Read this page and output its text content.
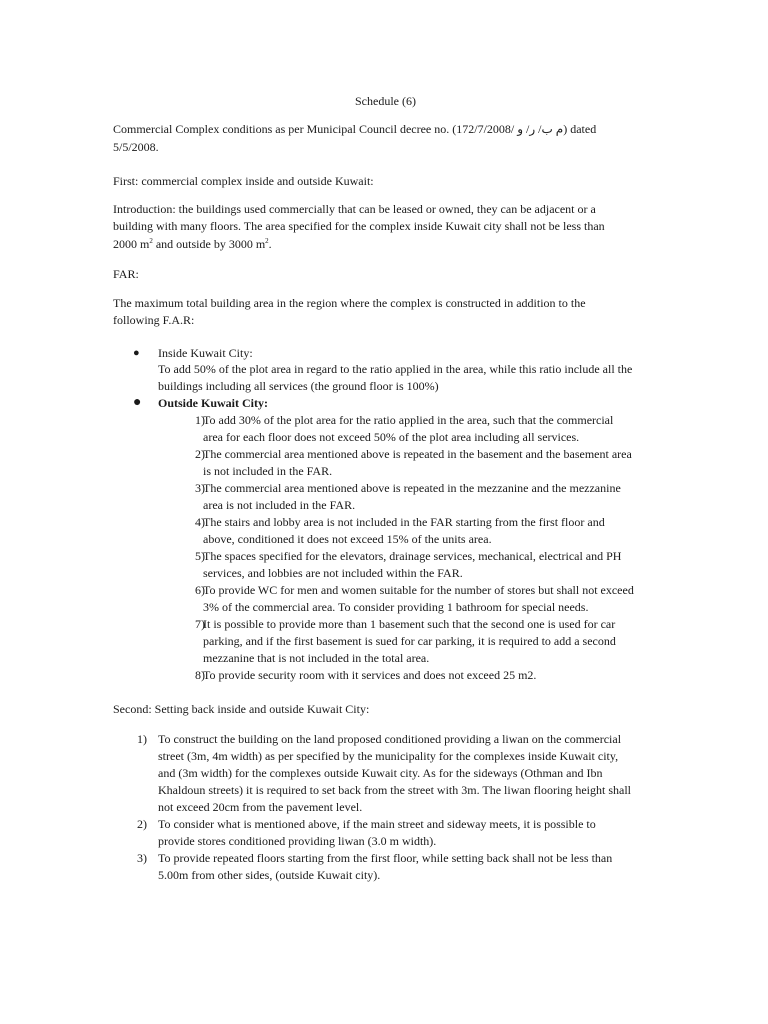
Schedule (6)
Commercial Complex conditions as per Municipal Council decree no. (172/7/2008/ م ب/ ر/ و) dated
5/5/2008.
First: commercial complex inside and outside Kuwait:
Introduction: the buildings used commercially that can be leased or owned, they can be adjacent or a
building with many floors. The area specified for the complex inside Kuwait city shall not be less than
2000 $m^2$ and outside by 3000 $m^2$.
FAR:
The maximum total building area in the region where the complex is constructed in addition to the
following F.A.R:
● Inside Kuwait City:
To add 50% of the plot area in regard to the ratio applied in the area, while this ratio include all the
buildings including all services (the ground floor is 100%)
● Outside Kuwait City:
1)
To add 30% of the plot area for the ratio applied in the area, such that the commercial
area for each floor does not exceed 50% of the plot area including all services.
2)
The commercial area mentioned above is repeated in the basement and the basement area
is not included in the FAR.
3)
The commercial area mentioned above is repeated in the mezzanine and the mezzanine
area is not included in the FAR.
4)
The stairs and lobby area is not included in the FAR starting from the first floor and
above, conditioned it does not exceed 15% of the units area.
5)
The spaces specified for the elevators, drainage services, mechanical, electrical and PH
services, and lobbies are not included within the FAR.
6)
To provide WC for men and women suitable for the number of stores but shall not exceed
3% of the commercial area. To consider providing 1 bathroom for special needs.
7)
It is possible to provide more than 1 basement such that the second one is used for car
parking, and if the first basement is sued for car parking, it is required to add a second
mezzanine that is not included in the total area.
8)
To provide security room with it services and does not exceed 25 m2.
Second: Setting back inside and outside Kuwait City:
1) To construct the building on the land proposed conditioned providing a liwan on the commercial
street (3m, 4m width) as per specified by the municipality for the complexes inside Kuwait city,
and (3m width) for the complexes outside Kuwait city. As for the sideways (Othman and Ibn
Khaldoun streets) it is required to set back from the street with 3m. The liwan flooring height shall
not exceed 20cm from the pavement level.
2) To consider what is mentioned above, if the main street and sideway meets, it is possible to
provide stores conditioned providing liwan (3.0 m width).
3) To provide repeated floors starting from the first floor, while setting back shall not be less than
5.00m from other sides, (outside Kuwait city).
